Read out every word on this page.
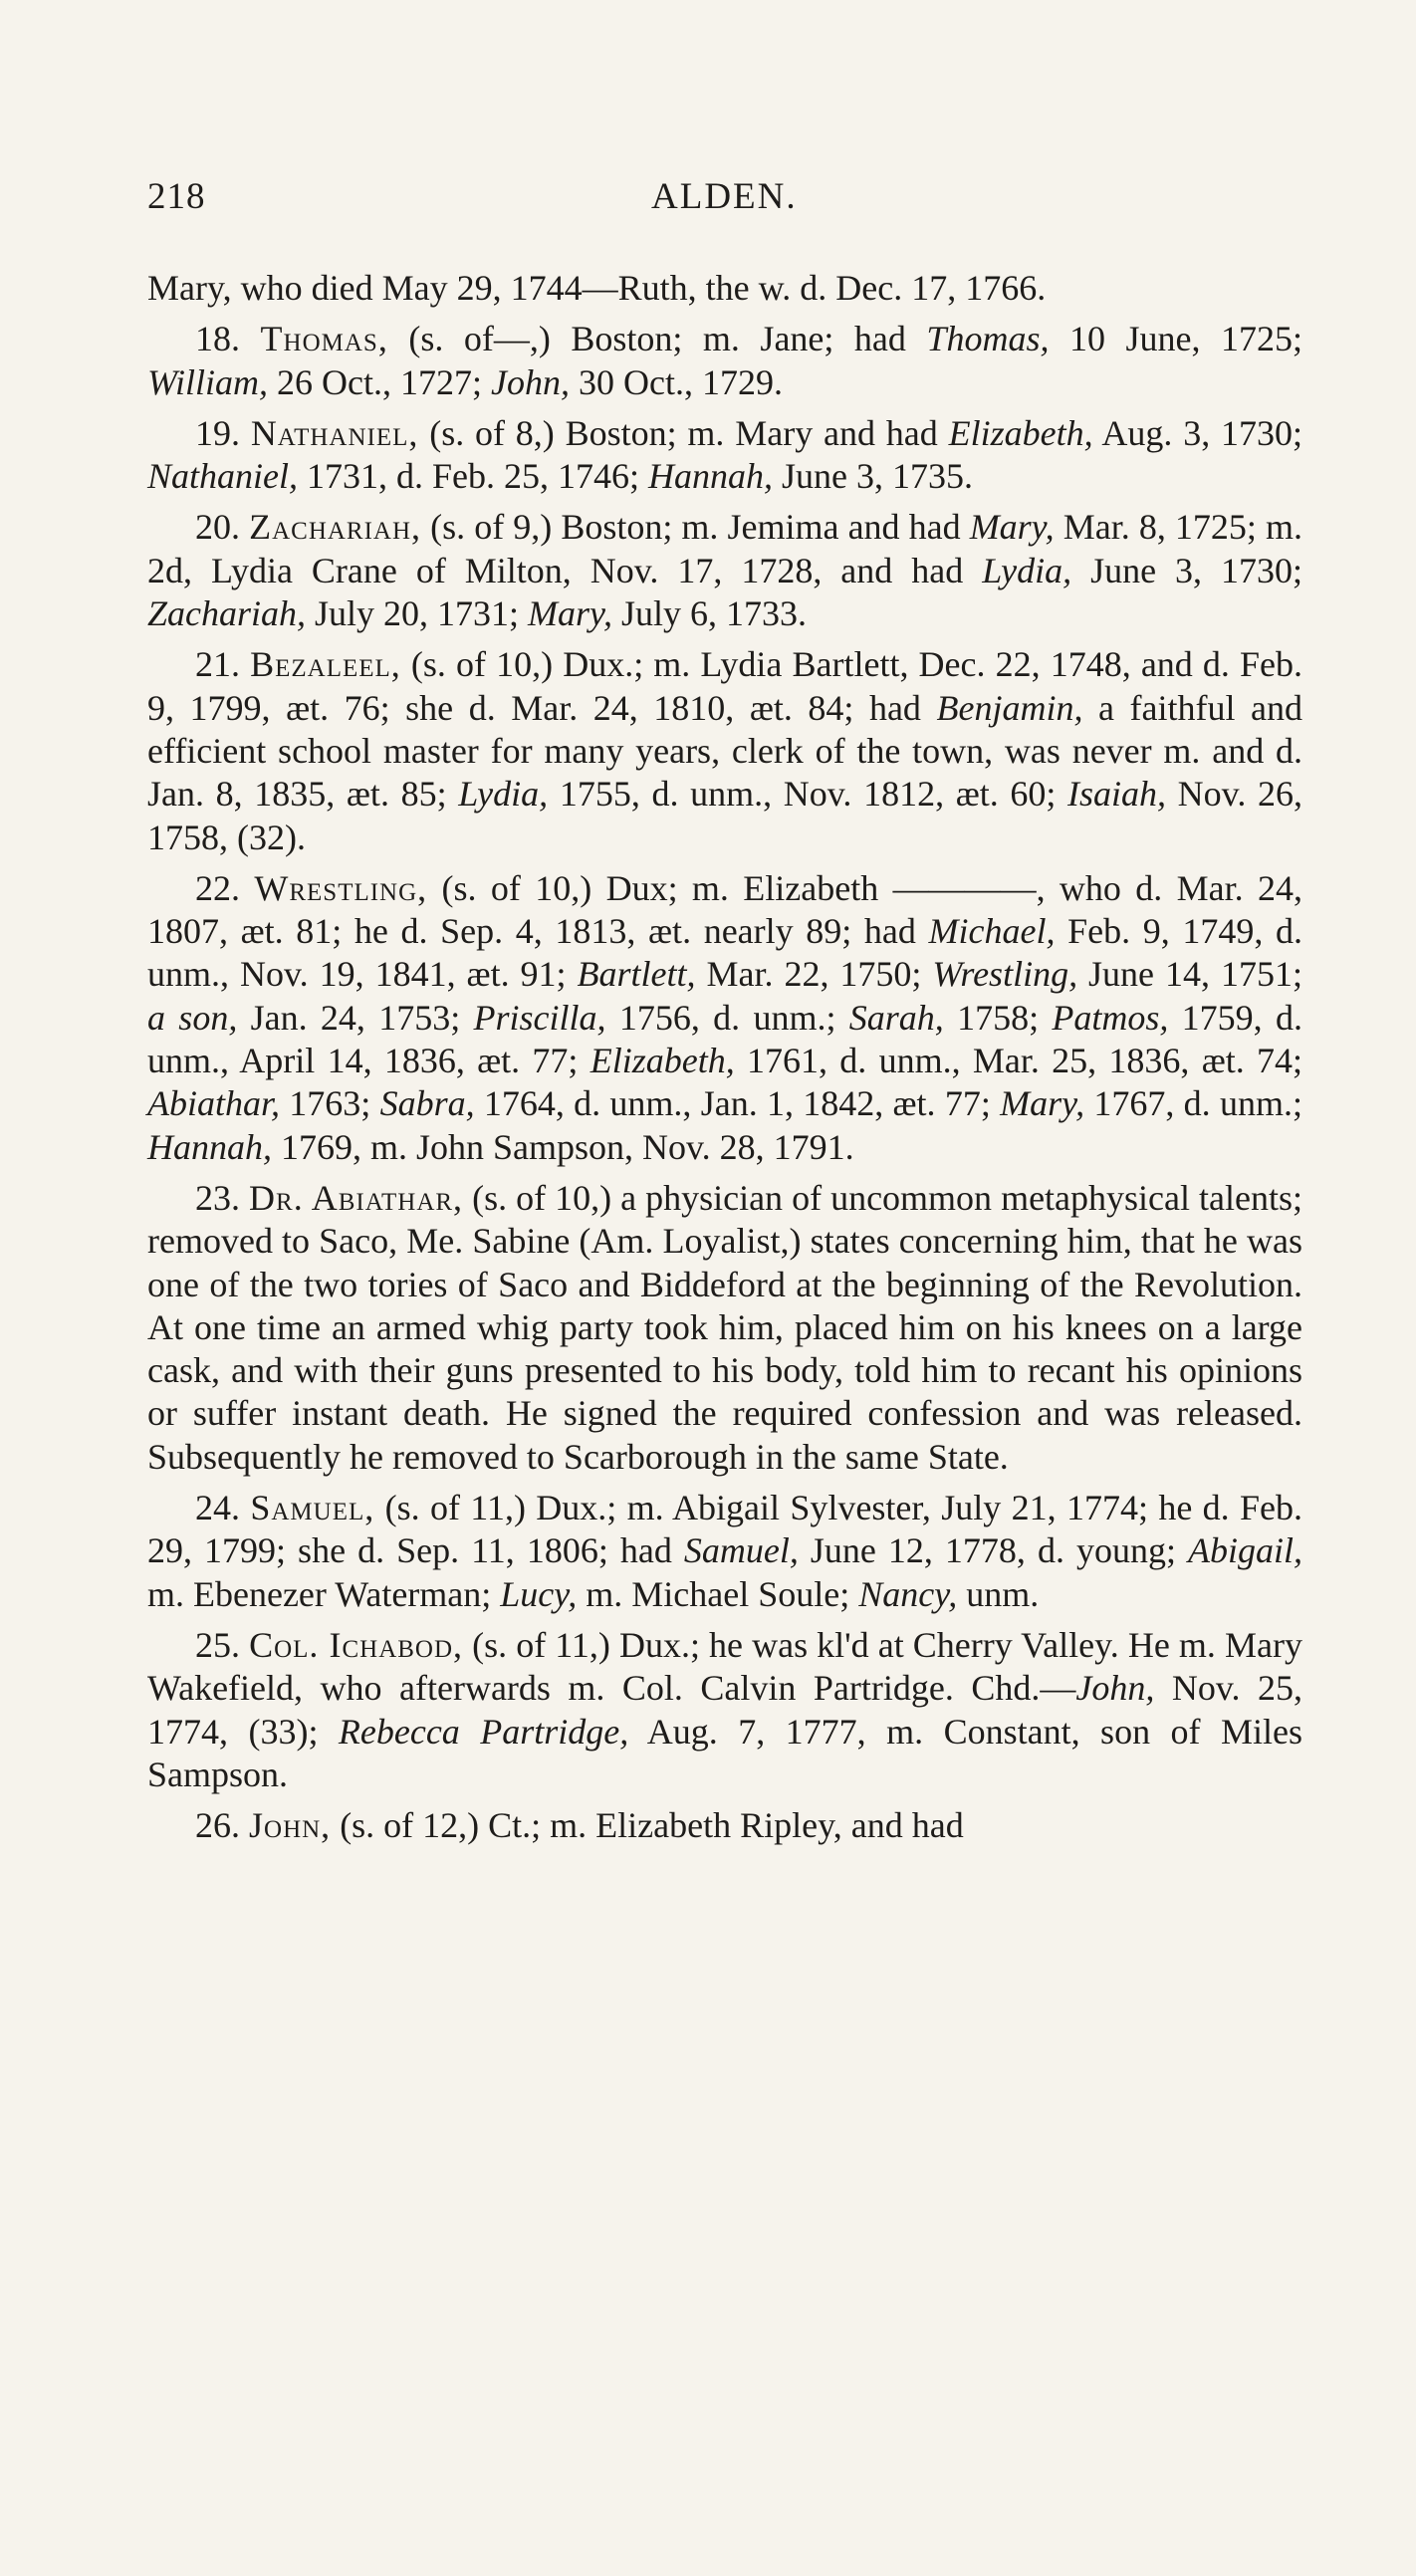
218	ALDEN.

Mary, who died May 29, 1744—Ruth, the w. d. Dec. 17, 1766.

18. Thomas, (s. of—,) Boston; m. Jane; had Thomas, 10 June, 1725; William, 26 Oct., 1727; John, 30 Oct., 1729.

19. Nathaniel, (s. of 8,) Boston; m. Mary and had Elizabeth, Aug. 3, 1730; Nathaniel, 1731, d. Feb. 25, 1746; Hannah, June 3, 1735.

20. Zachariah, (s. of 9,) Boston; m. Jemima and had Mary, Mar. 8, 1725; m. 2d, Lydia Crane of Milton, Nov. 17, 1728, and had Lydia, June 3, 1730; Zachariah, July 20, 1731; Mary, July 6, 1733.

21. Bezaleel, (s. of 10,) Dux.; m. Lydia Bartlett, Dec. 22, 1748, and d. Feb. 9, 1799, æt. 76; she d. Mar. 24, 1810, æt. 84; had Benjamin, a faithful and efficient school master for many years, clerk of the town, was never m. and d. Jan. 8, 1835, æt. 85; Lydia, 1755, d. unm., Nov. 1812, æt. 60; Isaiah, Nov. 26, 1758, (32).

22. Wrestling, (s. of 10,) Dux; m. Elizabeth ————, who d. Mar. 24, 1807, æt. 81; he d. Sep. 4, 1813, æt. nearly 89; had Michael, Feb. 9, 1749, d. unm., Nov. 19, 1841, æt. 91; Bartlett, Mar. 22, 1750; Wrestling, June 14, 1751; a son, Jan. 24, 1753; Priscilla, 1756, d. unm.; Sarah, 1758; Patmos, 1759, d. unm., April 14, 1836, æt. 77; Elizabeth, 1761, d. unm., Mar. 25, 1836, æt. 74; Abiathar, 1763; Sabra, 1764, d. unm., Jan. 1, 1842, æt. 77; Mary, 1767, d. unm.; Hannah, 1769, m. John Sampson, Nov. 28, 1791.

23. Dr. Abiathar, (s. of 10,) a physician of uncommon metaphysical talents; removed to Saco, Me. Sabine (Am. Loyalist,) states concerning him, that he was one of the two tories of Saco and Biddeford at the beginning of the Revolution. At one time an armed whig party took him, placed him on his knees on a large cask, and with their guns presented to his body, told him to recant his opinions or suffer instant death. He signed the required confession and was released. Subsequently he removed to Scarborough in the same State.

24. Samuel, (s. of 11,) Dux.; m. Abigail Sylvester, July 21, 1774; he d. Feb. 29, 1799; she d. Sep. 11, 1806; had Samuel, June 12, 1778, d. young; Abigail, m. Ebenezer Waterman; Lucy, m. Michael Soule; Nancy, unm.

25. Col. Ichabod, (s. of 11,) Dux.; he was kl'd at Cherry Valley. He m. Mary Wakefield, who afterwards m. Col. Calvin Partridge. Chd.—John, Nov. 25, 1774, (33); Rebecca Partridge, Aug. 7, 1777, m. Constant, son of Miles Sampson.

26. John, (s. of 12,) Ct.; m. Elizabeth Ripley, and had
